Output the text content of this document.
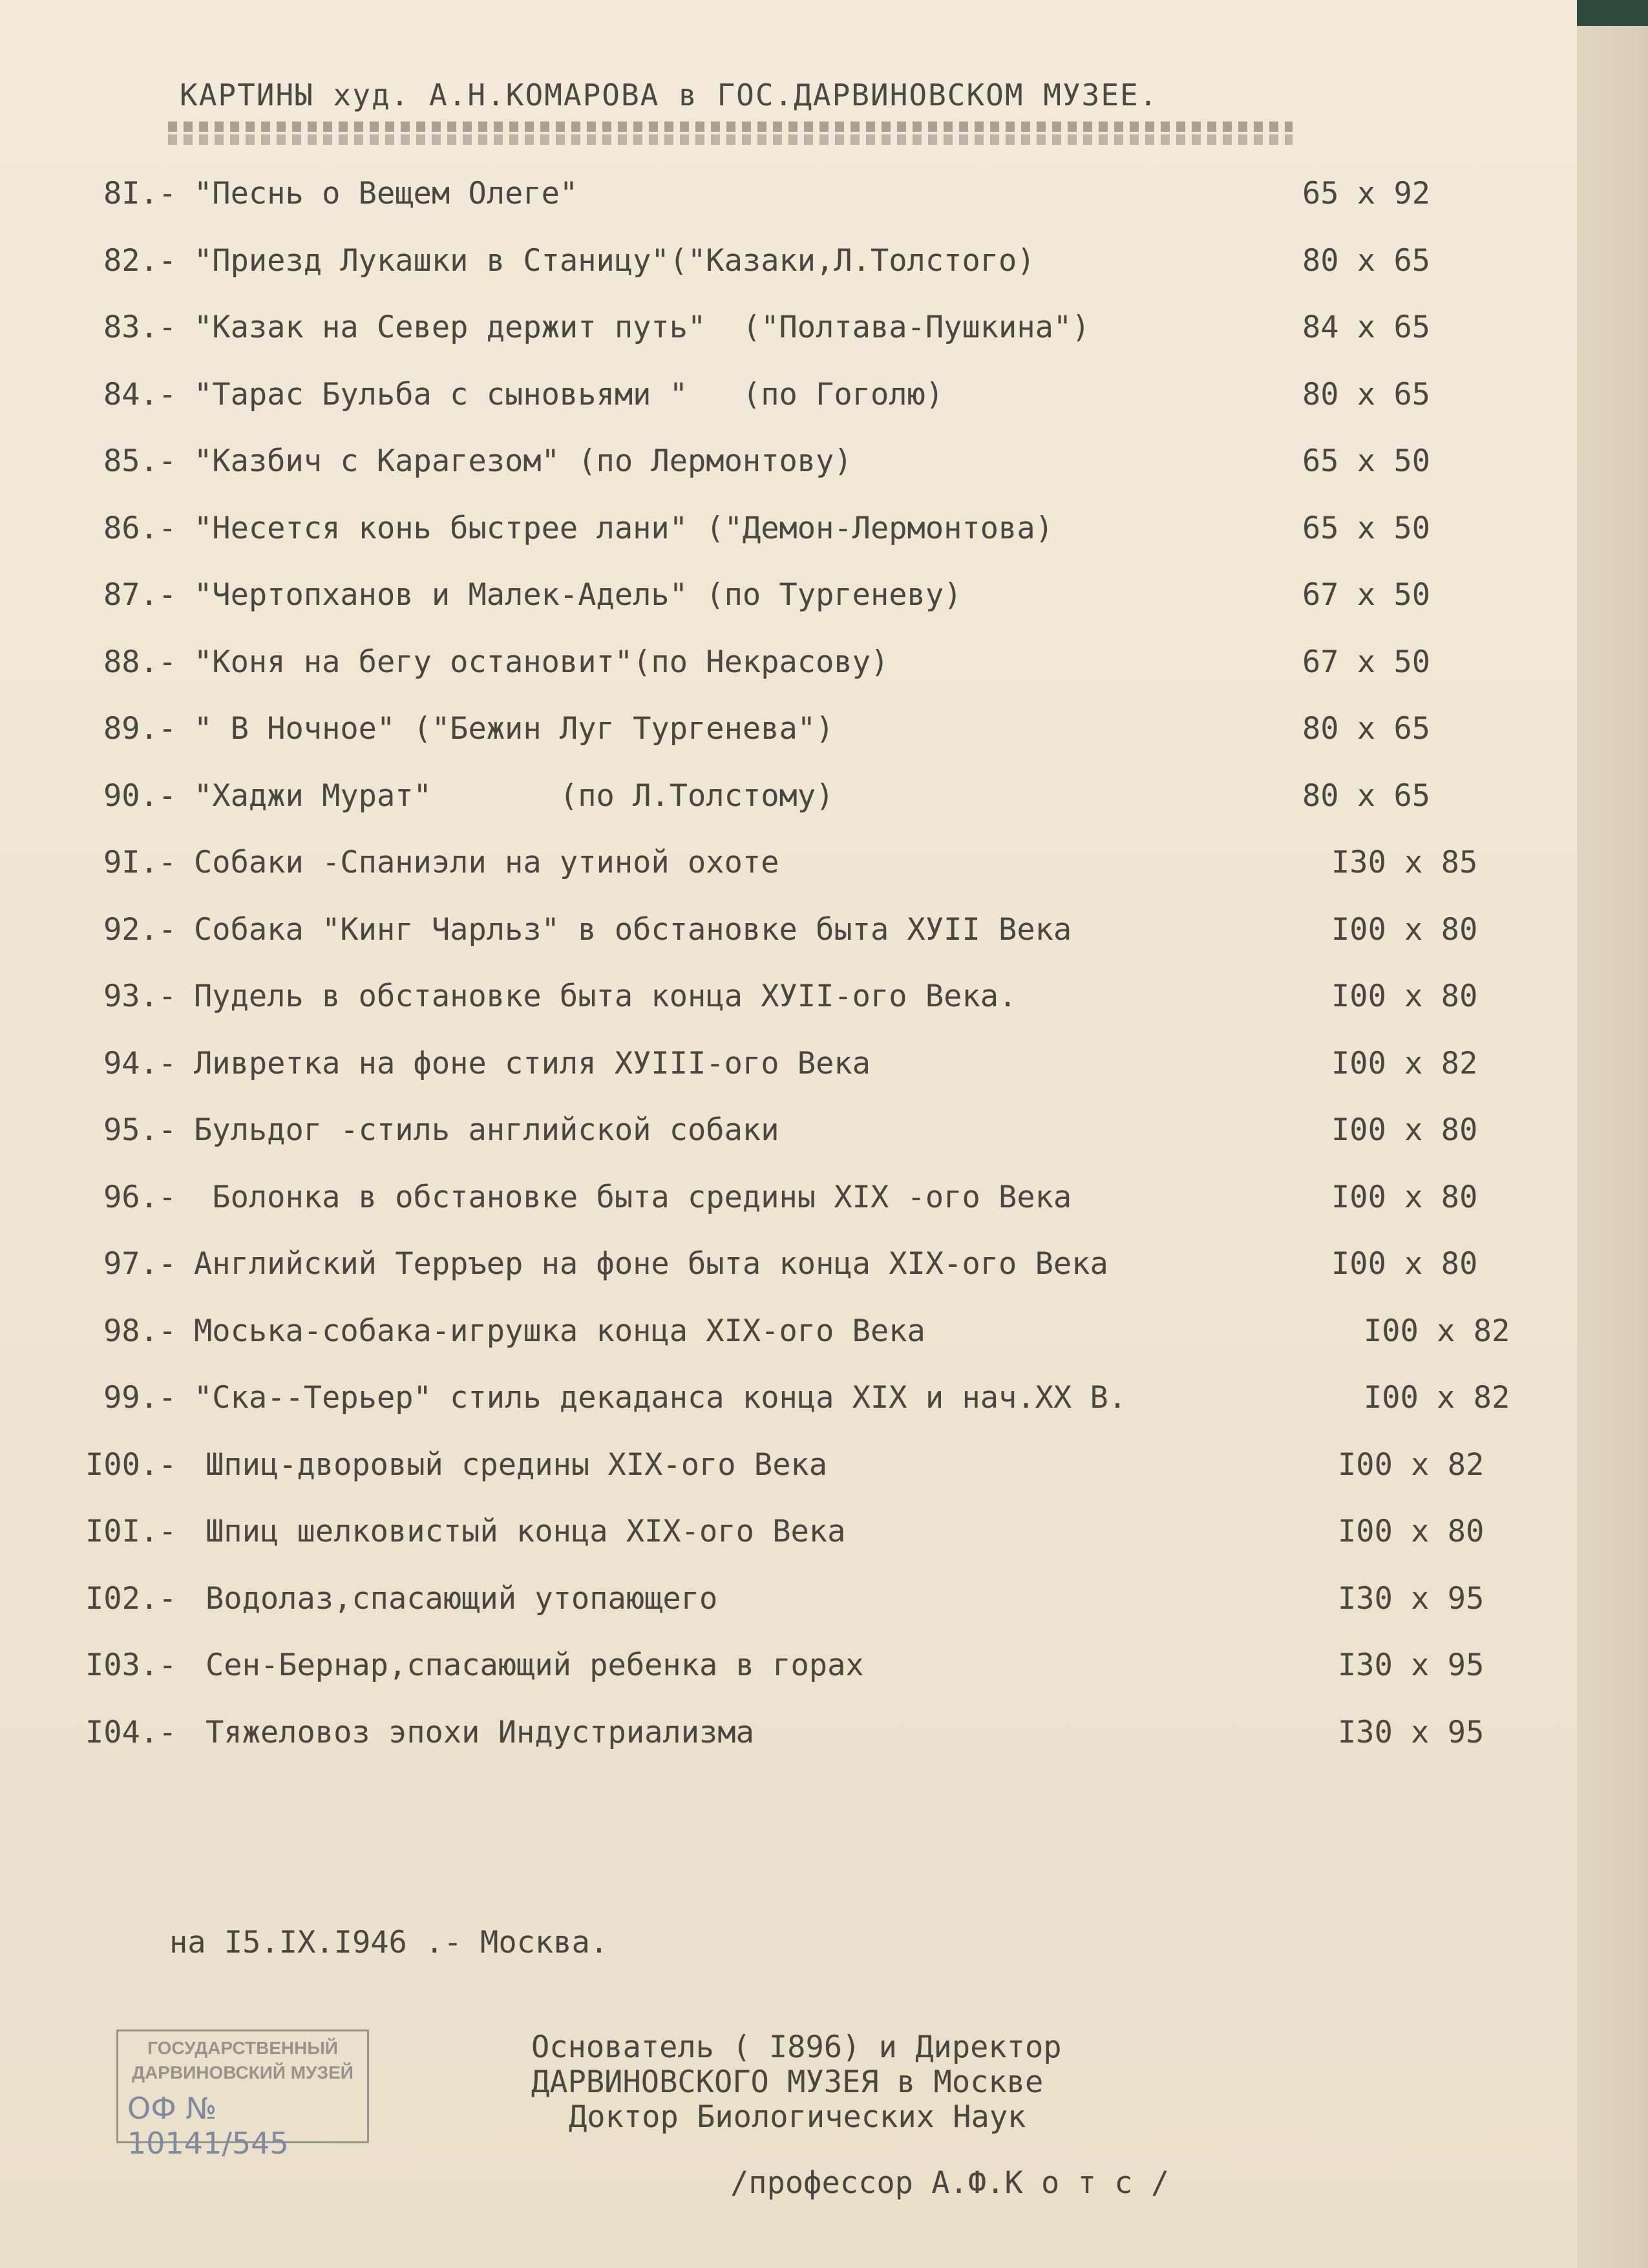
КАРТИНЫ худ. А.Н.КОМАРОВА в ГОС.ДАРВИНОВСКОМ МУЗЕЕ.
8I.- "Песнь о Вещем Олеге"	65 х 92
82.- "Приезд Лукашки в Станицу"("Казаки,Л.Толстого)	80 х 65
83.- "Казак на Север держит путь"  ("Полтава-Пушкина")	84 х 65
84.- "Тарас Бульба с сыновьями "   (по Гоголю)	80 х 65
85.- "Казбич с Карагезом" (по Лермонтову)	65 х 50
86.- "Несется конь быстрее лани" ("Демон-Лермонтова)	65 х 50
87.- "Чертопханов и Малек-Адель" (по Тургеневу)	67 х 50
88.- "Коня на бегу остановит"(по Некрасову)	67 х 50
89.- " В Ночное" ("Бежин Луг Тургенева")	80 х 65
90.- "Хаджи Мурат"       (по Л.Толстому)	80 х 65
9I.- Собаки -Спаниэли на утиной охоте	I30 х 85
92.- Собака "Кинг Чарльз" в обстановке быта ХУII Века	I00 х 80
93.- Пудель в обстановке быта конца ХУII-ого Века.	I00 х 80
94.- Ливретка на фоне стиля ХУIII-ого Века	I00 х 82
95.- Бульдог -стиль английской собаки	I00 х 80
96.- Болонка в обстановке быта средины XIX -ого Века	I00 х 80
97.- Английский Терръер на фоне быта конца XIX-ого Века	I00 х 80
98.- Моська-собака-игрушка конца XIX-ого Века	I00 х 82
99.- "Ска--Терьер" стиль декаданса конца XIX и нач.XX В.	I00 х 82
I00.- Шпиц-дворовый средины XIX-ого Века	I00 х 82
I0I.- Шпиц шелковистый конца XIX-ого Века	I00 х 80
I02.- Водолаз,спасающий утопающего	I30 х 95
I03.- Сен-Бернар,спасающий ребенка в горах	I30 х 95
I04.- Тяжеловоз эпохи Индустриализма	I30 х 95
на I5.IX.I946 .- Москва.
Основатель ( I896) и Директор
ДАРВИНОВСКОГО МУЗЕЯ в Москве
Доктор Биологических Наук
/профессор А.Ф.К о т с /
ГОСУДАРСТВЕННЫЙ
ДАРВИНОВСКИЙ МУЗЕЙ
ОФ № 10141/545
